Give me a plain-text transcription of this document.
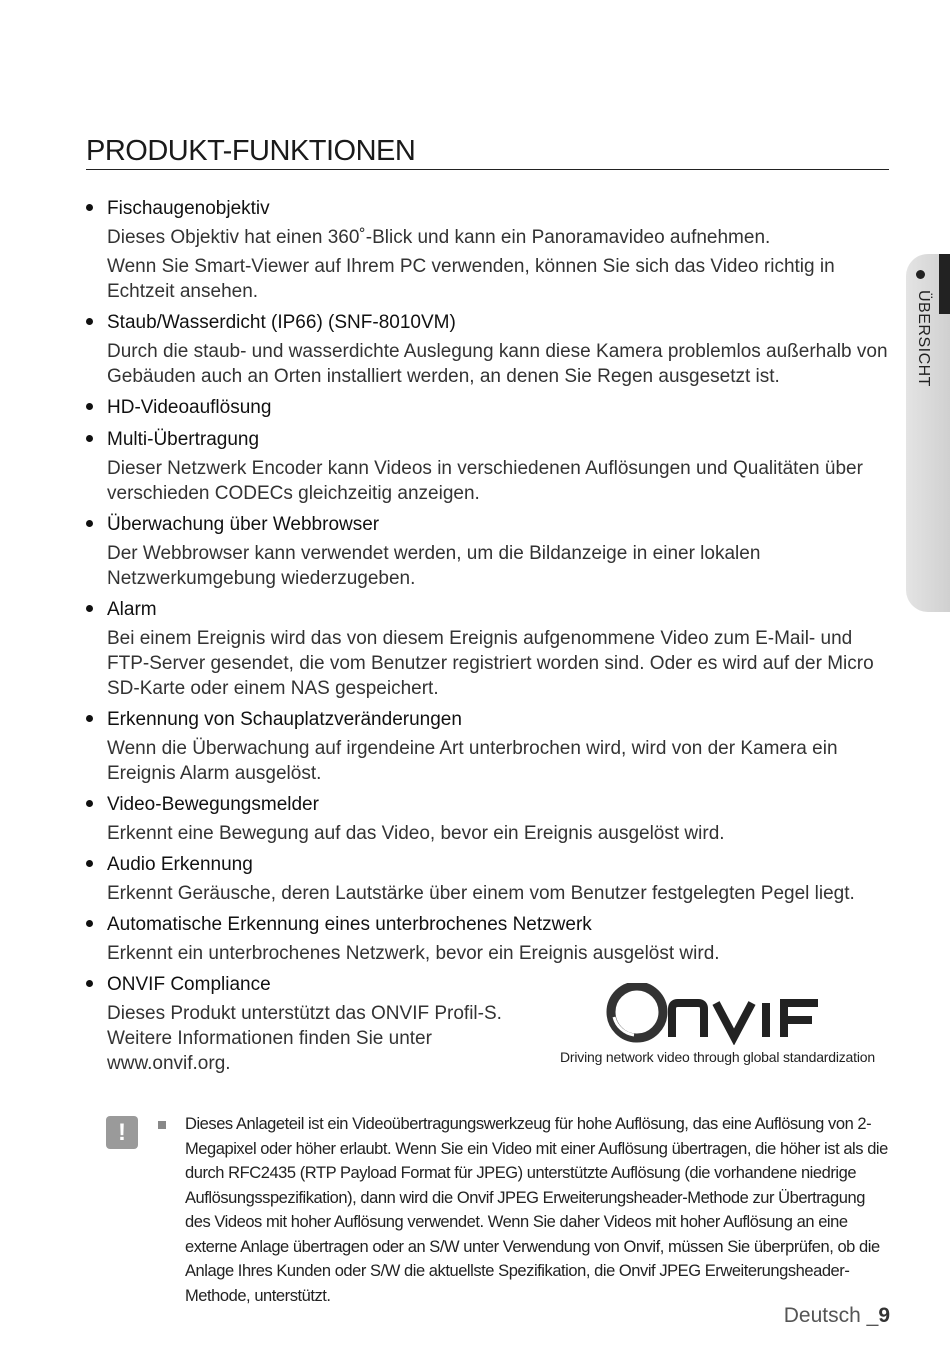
PRODUKT-FUNKTIONEN
ÜBERSICHT
Fischaugenobjektiv

Dieses Objektiv hat einen 360˚-Blick und kann ein Panoramavideo aufnehmen.

Wenn Sie Smart-Viewer auf Ihrem PC verwenden, können Sie sich das Video richtig in Echtzeit ansehen.

Staub/Wasserdicht (IP66) (SNF-8010VM)

Durch die staub- und wasserdichte Auslegung kann diese Kamera problemlos außerhalb von Gebäuden auch an Orten installiert werden, an denen Sie Regen ausgesetzt ist.

HD-Videoauflösung
Multi-Übertragung

Dieser Netzwerk Encoder kann Videos in verschiedenen Auflösungen und Qualitäten über verschieden CODECs gleichzeitig anzeigen.

Überwachung über Webbrowser

Der Webbrowser kann verwendet werden, um die Bildanzeige in einer lokalen Netzwerkumgebung wiederzugeben.

Alarm

Bei einem Ereignis wird das von diesem Ereignis aufgenommene Video zum E-Mail- und FTP-Server gesendet, die vom Benutzer registriert worden sind. Oder es wird auf der Micro SD-Karte oder einem NAS gespeichert.

Erkennung von Schauplatzveränderungen

Wenn die Überwachung auf irgendeine Art unterbrochen wird, wird von der Kamera ein Ereignis Alarm ausgelöst.

Video-Bewegungsmelder

Erkennt eine Bewegung auf das Video, bevor ein Ereignis ausgelöst wird.

Audio Erkennung

Erkennt Geräusche, deren Lautstärke über einem vom Benutzer festgelegten Pegel liegt.

Automatische Erkennung eines unterbrochenes Netzwerk

Erkennt ein unterbrochenes Netzwerk, bevor ein Ereignis ausgelöst wird.

ONVIF Compliance

Dieses Produkt unterstützt das ONVIF Profil-S. Weitere Informationen finden Sie unter www.onvif.org.	Driving network video through global standardization
!	Dieses Anlageteil ist ein Videoübertragungswerkzeug für hohe Auflösung, das eine Auflösung von 2-Megapixel oder höher erlaubt. Wenn Sie ein Video mit einer Auflösung übertragen, die höher ist als die durch RFC2435 (RTP Payload Format für JPEG) unterstützte Auflösung (die vorhandene niedrige Auflösungsspezifikation), dann wird die Onvif JPEG Erweiterungsheader-Methode zur Übertragung des Videos mit hoher Auflösung verwendet. Wenn Sie daher Videos mit hoher Auflösung an eine externe Anlage übertragen oder an S/W unter Verwendung von Onvif, müssen Sie überprüfen, ob die Anlage Ihres Kunden oder S/W die aktuellste Spezifikation, die Onvif JPEG Erweiterungsheader-Methode, unterstützt.
Deutsch _9
